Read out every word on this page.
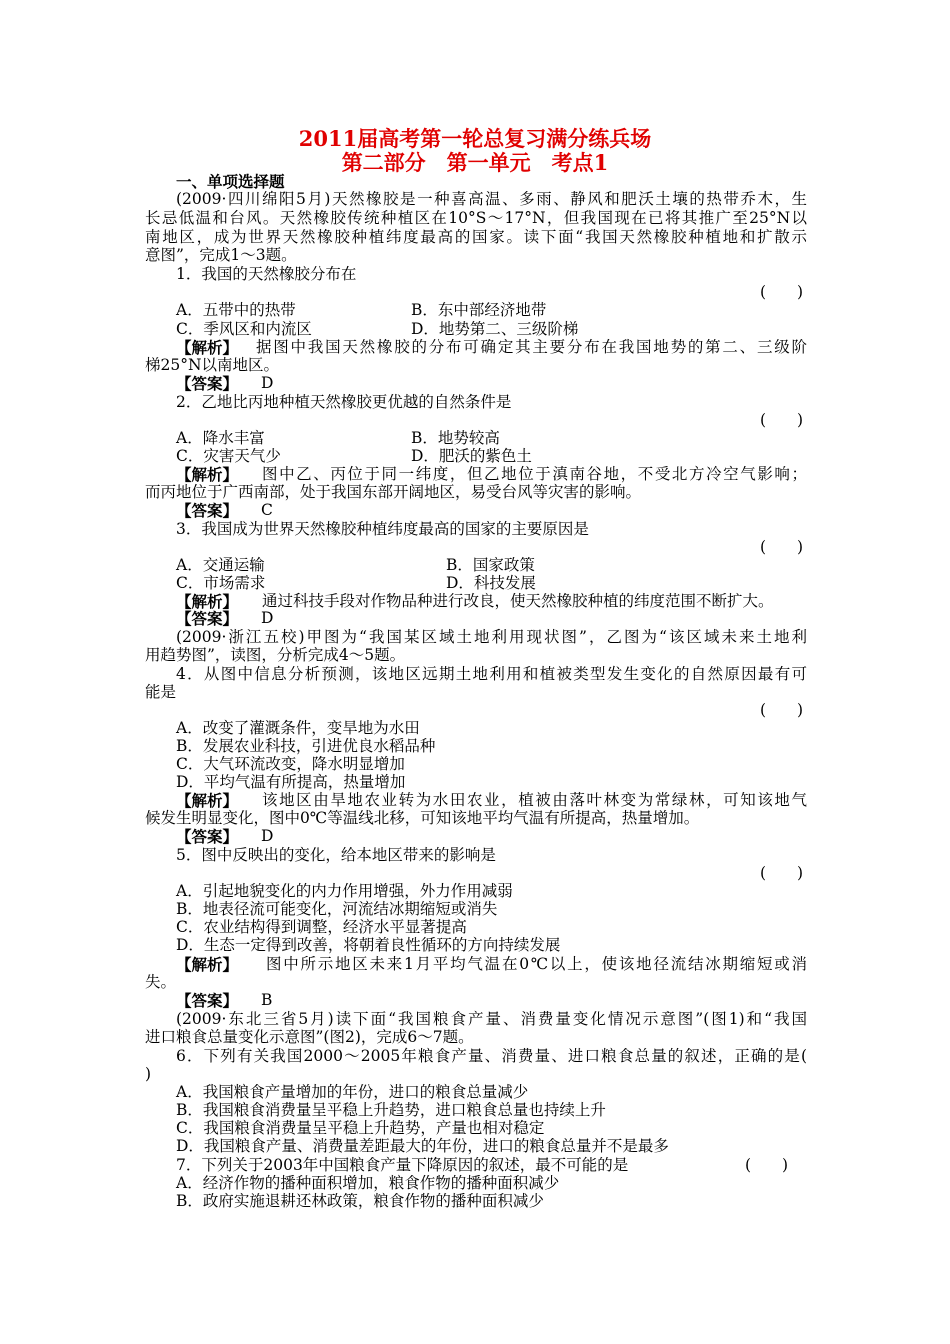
2011届高考第一轮总复习满分练兵场
第二部分　第一单元　考点1
一、单项选择题
(2009·四川绵阳5月)天然橡胶是一种喜高温、多雨、静风和肥沃土壤的热带乔木，生
长忌低温和台风。天然橡胶传统种植区在10°S～17°N，但我国现在已将其推广至25°N以
南地区，成为世界天然橡胶种植纬度最高的国家。读下面“我国天然橡胶种植地和扩散示
意图”，完成1～3题。
1．我国的天然橡胶分布在
(　　)
A．五带中的热带	B．东中部经济地带
C．季风区和内流区	D．地势第二、三级阶梯
【解析】 据图中我国天然橡胶的分布可确定其主要分布在我国地势的第二、三级阶
梯25°N以南地区。
【答案】 D
2．乙地比丙地种植天然橡胶更优越的自然条件是
(　　)
A．降水丰富	B．地势较高
C．灾害天气少	D．肥沃的紫色土
【解析】 图中乙、丙位于同一纬度，但乙地位于滇南谷地，不受北方冷空气影响；
而丙地位于广西南部，处于我国东部开阔地区，易受台风等灾害的影响。
【答案】 C
3．我国成为世界天然橡胶种植纬度最高的国家的主要原因是
(　　)
A．交通运输	B．国家政策
C．市场需求	D．科技发展
【解析】 通过科技手段对作物品种进行改良，使天然橡胶种植的纬度范围不断扩大。
【答案】 D
(2009·浙江五校)甲图为“我国某区域土地利用现状图”，乙图为“该区域未来土地利
用趋势图”，读图，分析完成4～5题。
4．从图中信息分析预测，该地区远期土地利用和植被类型发生变化的自然原因最有可
能是
(　　)
A．改变了灌溉条件，变旱地为水田
B．发展农业科技，引进优良水稻品种
C．大气环流改变，降水明显增加
D．平均气温有所提高，热量增加
【解析】 该地区由旱地农业转为水田农业，植被由落叶林变为常绿林，可知该地气
候发生明显变化，图中0℃等温线北移，可知该地平均气温有所提高，热量增加。
【答案】 D
5．图中反映出的变化，给本地区带来的影响是
(　　)
A．引起地貌变化的内力作用增强，外力作用减弱
B．地表径流可能变化，河流结冰期缩短或消失
C．农业结构得到调整，经济水平显著提高
D．生态一定得到改善，将朝着良性循环的方向持续发展
【解析】 图中所示地区未来1月平均气温在0℃以上，使该地径流结冰期缩短或消
失。
【答案】 B
(2009·东北三省5月)读下面“我国粮食产量、消费量变化情况示意图”(图1)和“我国
进口粮食总量变化示意图”(图2)，完成6～7题。
6．下列有关我国2000～2005年粮食产量、消费量、进口粮食总量的叙述，正确的是(
)
A．我国粮食产量增加的年份，进口的粮食总量减少
B．我国粮食消费量呈平稳上升趋势，进口粮食总量也持续上升
C．我国粮食消费量呈平稳上升趋势，产量也相对稳定
D．我国粮食产量、消费量差距最大的年份，进口的粮食总量并不是最多
7．下列关于2003年中国粮食产量下降原因的叙述，最不可能的是	(　　)
A．经济作物的播种面积增加，粮食作物的播种面积减少
B．政府实施退耕还林政策，粮食作物的播种面积减少
